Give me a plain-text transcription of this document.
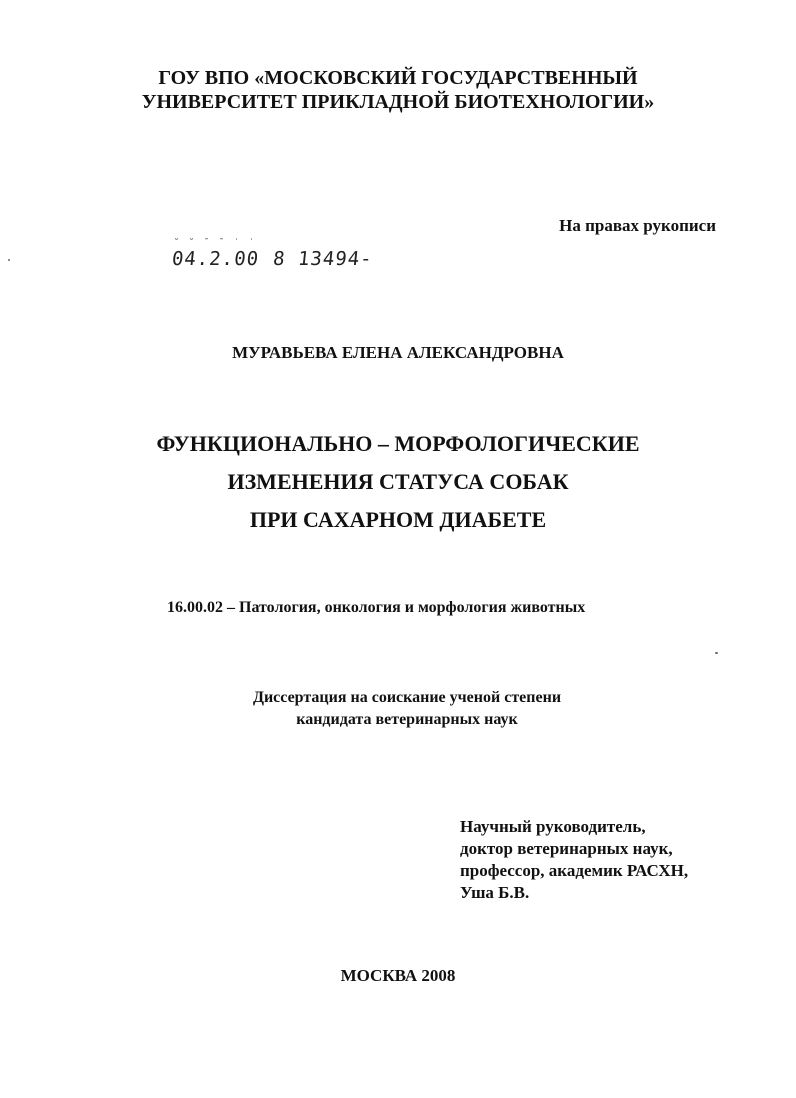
ГОУ ВПО «МОСКОВСКИЙ ГОСУДАРСТВЕННЫЙ
УНИВЕРСИТЕТ ПРИКЛАДНОЙ БИОТЕХНОЛОГИИ»
На правах рукописи
˘˘ˉˉ˙˙
04.2.00 8 13494-
МУРАВЬЕВА ЕЛЕНА АЛЕКСАНДРОВНА
ФУНКЦИОНАЛЬНО – МОРФОЛОГИЧЕСКИЕ
ИЗМЕНЕНИЯ СТАТУСА СОБАК
ПРИ САХАРНОМ ДИАБЕТЕ
16.00.02 – Патология, онкология и морфология животных
Диссертация на соискание ученой степени
кандидата ветеринарных наук
Научный руководитель,
доктор ветеринарных наук,
профессор, академик РАСХН,
Уша Б.В.
МОСКВА 2008
